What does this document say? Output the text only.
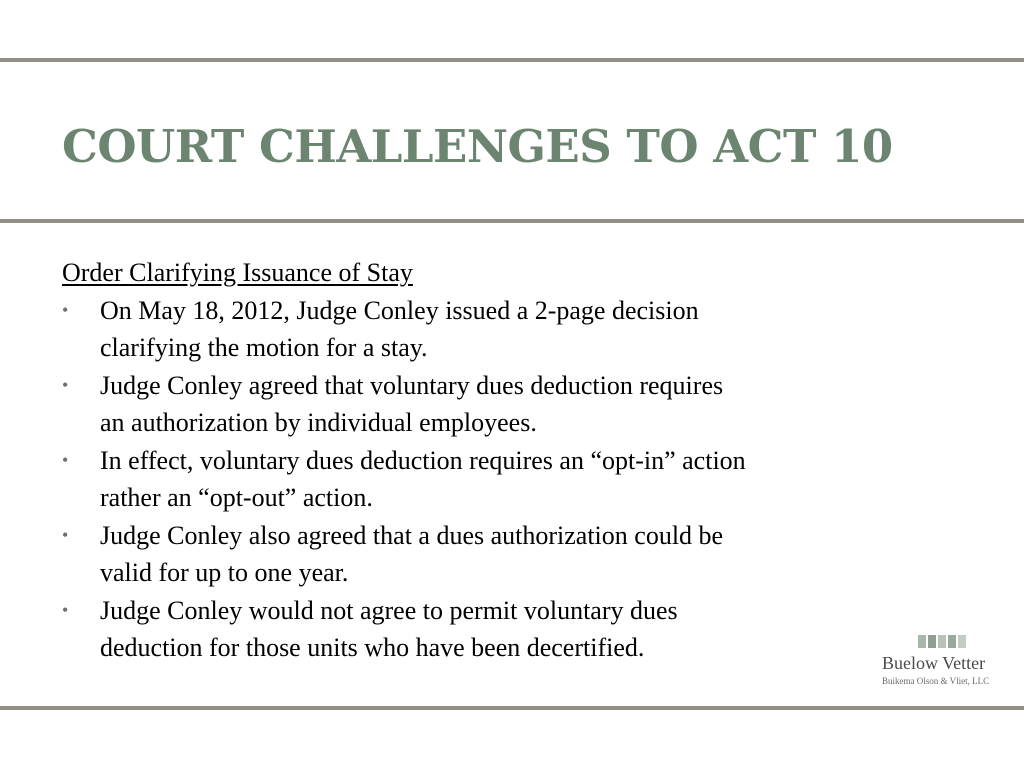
COURT CHALLENGES TO ACT 10

Order Clarifying Issuance of Stay

• On May 18, 2012, Judge Conley issued a 2-page decision
clarifying the motion for a stay.
• Judge Conley agreed that voluntary dues deduction requires
an authorization by individual employees.
• In effect, voluntary dues deduction requires an “opt-in” action
rather an “opt-out” action.
• Judge Conley also agreed that a dues authorization could be
valid for up to one year.
• Judge Conley would not agree to permit voluntary dues
deduction for those units who have been decertified.
Buelow Vetter
Buikema Olson & Vliet, LLC
